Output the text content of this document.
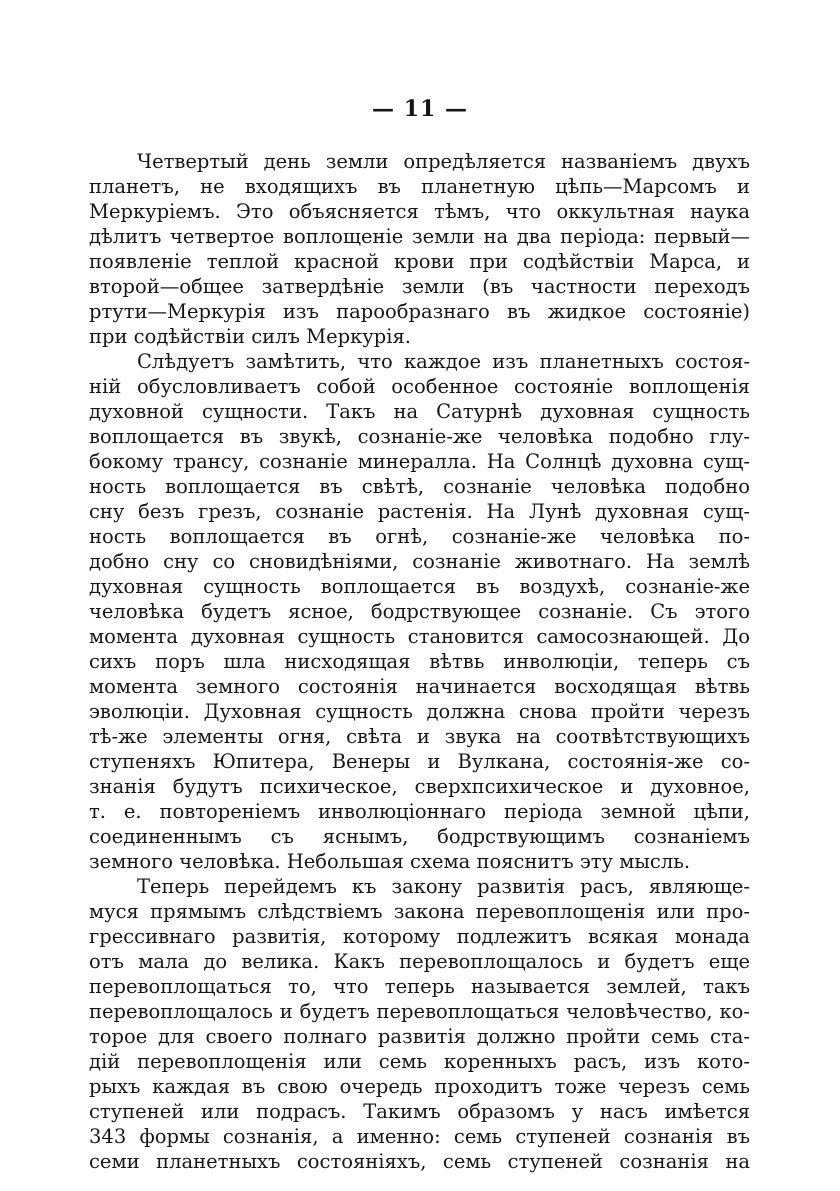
— 11 —
Четвертый день земли опредѣляется названіемъ двухъ
планетъ, не входящихъ въ планетную цѣпь—Марсомъ и
Меркуріемъ. Это объясняется тѣмъ, что оккультная наука
дѣлитъ четвертое воплощеніе земли на два періода: первый—
появленіе теплой красной крови при содѣйствіи Марса, и
второй—общее затвердѣніе земли (въ частности переходъ
ртути—Меркурія изъ парообразнаго въ жидкое состояніе)
при содѣйствіи силъ Меркурія.
Слѣдуетъ замѣтить, что каждое изъ планетныхъ состоя-
ній обусловливаетъ собой особенное состояніе воплощенія
духовной сущности. Такъ на Сатурнѣ духовная сущность
воплощается въ звукѣ, сознаніе-же человѣка подобно глу-
бокому трансу, сознаніе минералла. На Солнцѣ духовна сущ-
ность воплощается въ свѣтѣ, сознаніе человѣка подобно
сну безъ грезъ, сознаніе растенія. На Лунѣ духовная сущ-
ность воплощается въ огнѣ, сознаніе-же человѣка по-
добно сну со сновидѣніями, сознаніе животнаго. На землѣ
духовная сущность воплощается въ воздухѣ, сознаніе-же
человѣка будетъ ясное, бодрствующее сознаніе. Съ этого
момента духовная сущность становится самосознающей. До
сихъ поръ шла нисходящая вѣтвь инволюціи, теперь съ
момента земного состоянія начинается восходящая вѣтвь
эволюціи. Духовная сущность должна снова пройти черезъ
тѣ-же элементы огня, свѣта и звука на соотвѣтствующихъ
ступеняхъ Юпитера, Венеры и Вулкана, состоянія-же со-
знанія будутъ психическое, сверхпсихическое и духовное,
т. е. повтореніемъ инволюціоннаго періода земной цѣпи,
соединеннымъ съ яснымъ, бодрствующимъ сознаніемъ
земного человѣка. Небольшая схема пояснитъ эту мысль.
Теперь перейдемъ къ закону развитія расъ, являюще-
муся прямымъ слѣдствіемъ закона перевоплощенія или про-
грессивнаго развитія, которому подлежитъ всякая монада
отъ мала до велика. Какъ перевоплощалось и будетъ еще
перевоплощаться то, что теперь называется землей, такъ
перевоплощалось и будетъ перевоплощаться человѣчество, ко-
торое для своего полнаго развитія должно пройти семь ста-
дій перевоплощенія или семь коренныхъ расъ, изъ кото-
рыхъ каждая въ свою очередь проходитъ тоже черезъ семь
ступеней или подрасъ. Такимъ образомъ у насъ имѣется
343 формы сознанія, а именно: семь ступеней сознанія въ
семи планетныхъ состояніяхъ, семь ступеней сознанія на
